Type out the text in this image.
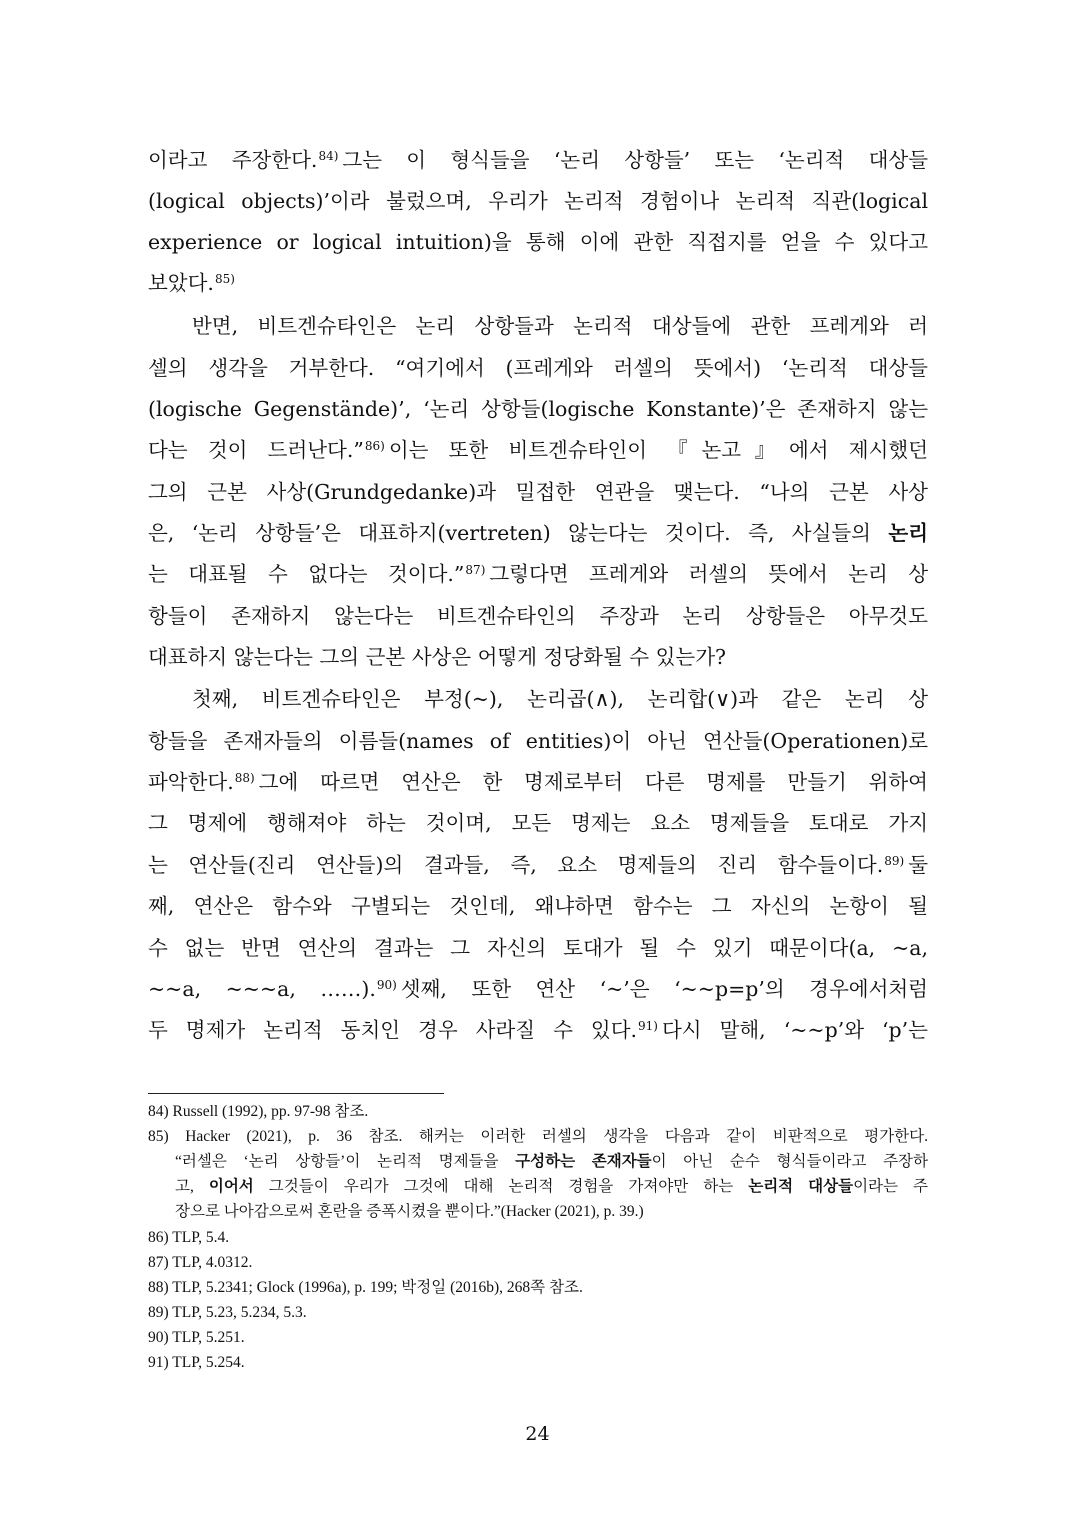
이라고 주장한다.$^{84)}$ 그는 이 형식들을 ‘논리 상항들’ 또는 ‘논리적 대상들
(logical objects)’이라 불렀으며, 우리가 논리적 경험이나 논리적 직관(logical
experience or logical intuition)을 통해 이에 관한 직접지를 얻을 수 있다고
보았다.$^{85)}$
반면, 비트겐슈타인은 논리 상항들과 논리적 대상들에 관한 프레게와 러
셀의 생각을 거부한다. “여기에서 (프레게와 러셀의 뜻에서) ‘논리적 대상들
(logische Gegenstände)’, ‘논리 상항들(logische Konstante)’은 존재하지 않는
다는 것이 드러난다.”$^{86)}$ 이는 또한 비트겐슈타인이 『논고』에서 제시했던
그의 근본 사상(Grundgedanke)과 밀접한 연관을 맺는다. “나의 근본 사상
은, ‘논리 상항들’은 대표하지(vertreten) 않는다는 것이다. 즉, 사실들의 논리
는 대표될 수 없다는 것이다.”$^{87)}$ 그렇다면 프레게와 러셀의 뜻에서 논리 상
항들이 존재하지 않는다는 비트겐슈타인의 주장과 논리 상항들은 아무것도
대표하지 않는다는 그의 근본 사상은 어떻게 정당화될 수 있는가?
첫째, 비트겐슈타인은 부정(~), 논리곱(∧), 논리합(∨)과 같은 논리 상
항들을 존재자들의 이름들(names of entities)이 아닌 연산들(Operationen)로
파악한다.$^{88)}$ 그에 따르면 연산은 한 명제로부터 다른 명제를 만들기 위하여
그 명제에 행해져야 하는 것이며, 모든 명제는 요소 명제들을 토대로 가지
는 연산들(진리 연산들)의 결과들, 즉, 요소 명제들의 진리 함수들이다.$^{89)}$ 둘
째, 연산은 함수와 구별되는 것인데, 왜냐하면 함수는 그 자신의 논항이 될
수 없는 반면 연산의 결과는 그 자신의 토대가 될 수 있기 때문이다(a, ~a,
~~a, ~~~a, ……).$^{90)}$ 셋째, 또한 연산 ‘~’은 ‘~~p=p’의 경우에서처럼
두 명제가 논리적 동치인 경우 사라질 수 있다.$^{91)}$ 다시 말해, ‘~~p’와 ‘p’는
84) Russell (1992), pp. 97-98 참조.
85) Hacker (2021), p. 36 참조. 해커는 이러한 러셀의 생각을 다음과 같이 비판적으로 평가한다.
“러셀은 ‘논리 상항들’이 논리적 명제들을 구성하는 존재자들이 아닌 순수 형식들이라고 주장하
고, 이어서 그것들이 우리가 그것에 대해 논리적 경험을 가져야만 하는 논리적 대상들이라는 주
장으로 나아감으로써 혼란을 증폭시켰을 뿐이다.”(Hacker (2021), p. 39.)
86) TLP, 5.4.
87) TLP, 4.0312.
88) TLP, 5.2341; Glock (1996a), p. 199; 박정일 (2016b), 268쪽 참조.
89) TLP, 5.23, 5.234, 5.3.
90) TLP, 5.251.
91) TLP, 5.254.
24
